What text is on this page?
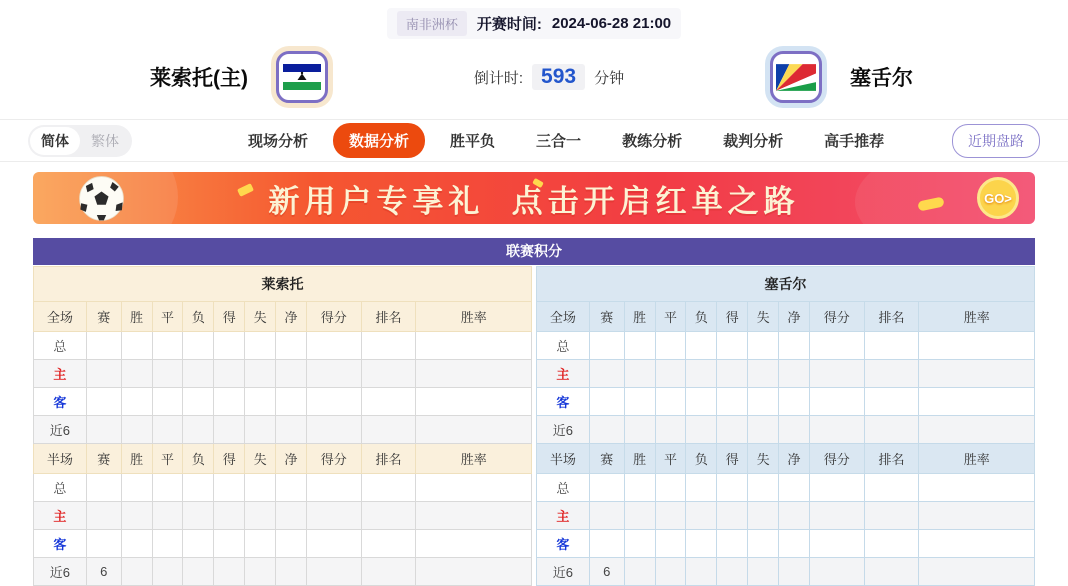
南非洲杯	开赛时间: 2024-06-28 21:00
莱索托(主)	倒计时: 593	分钟	塞舌尔
简体	繁体	现场分析	数据分析	胜平负	三合一	教练分析	裁判分析	高手推荐	近期盘路
新用户专享礼  点击开启红单之路	GO>
联赛积分
莱索托										
全场	赛	胜	平	负	得	失	净	得分	排名	胜率
总										
主										
客										
近6										
半场	赛	胜	平	负	得	失	净	得分	排名	胜率
总										
主										
客										
近6	6									
塞舌尔										
全场	赛	胜	平	负	得	失	净	得分	排名	胜率
总										
主										
客										
近6										
半场	赛	胜	平	负	得	失	净	得分	排名	胜率
总										
主										
客										
近6	6									
